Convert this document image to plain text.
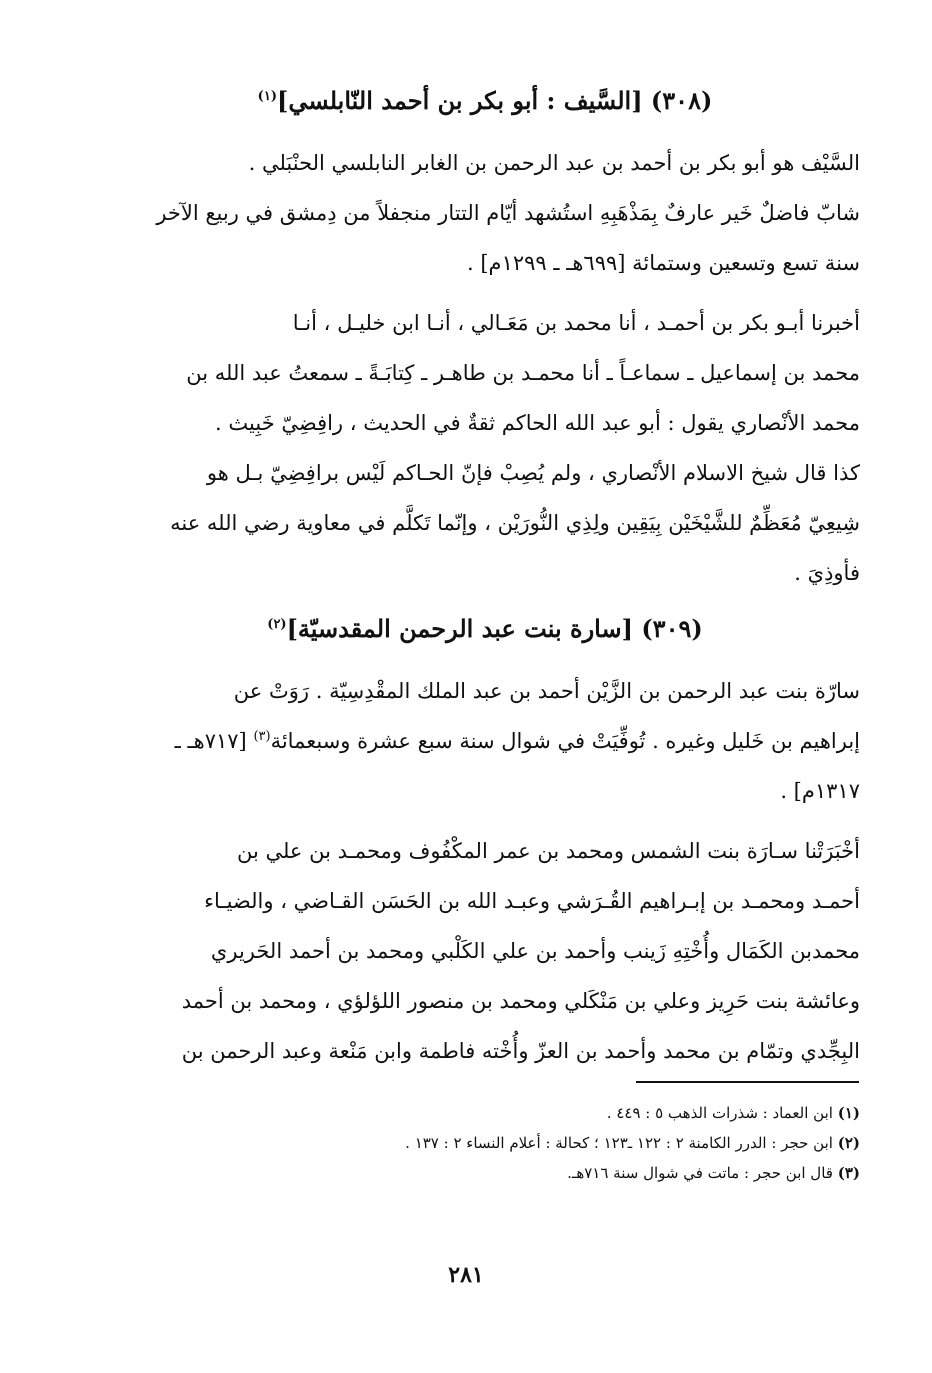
(٣٠٨) [السَّيف : أبو بكر بن أحمد النّابلسي]$^{(١)}$
السَّيْف هو أبو بكر بن أحمد بن عبد الرحمن بن الغابر النابلسي الحنْبَلي .
شابّ فاضلٌ خَير عارفٌ بِمَذْهَبِهِ استُشهد أيّام التتار منجفلاً من دِمشق في ربيع الآخر
سنة تسع وتسعين وستمائة [٦٩٩هـ ـ ١٢٩٩م] .
أخبرنا أبـو بكر بن أحمـد ، أنا محمد بن مَعَـالي ، أنـا ابن خليـل ، أنـا
محمد بن إسماعيل ـ سماعـاً ـ أنا محمـد بن طاهـر ـ كِتابَـةً ـ سمعتُ عبد الله بن
محمد الأنْصاري يقول : أبو عبد الله الحاكم ثقةٌ في الحديث ، رافِضِيّ خَبِيث .
كذا قال شيخ الاسلام الأنْصاري ، ولم يُصِبْ فإنّ الحـاكم لَيْس برافِضِيّ بـل هو
شِيعِيّ مُعَظِّمٌ للشَّيْخَيْن بِيَقِين ولِذِي النُّورَيْن ، وإنّما تَكلَّم في معاوية رضي الله عنه
فأوذِيَ .
(٣٠٩) [سارة بنت عبد الرحمن المقدسيّة]$^{(٢)}$
سارّة بنت عبد الرحمن بن الزَّيْن أحمد بن عبد الملك المقْدِسِيّة . رَوَتْ عن
إبراهيم بن خَليل وغيره . تُوفِّيَتْ في شوال سنة سبع عشرة وسبعمائة$^{(٣)}$ [٧١٧هـ ـ
١٣١٧م] .
أخْبَرَتْنا سـارَة بنت الشمس ومحمد بن عمر المكْفُوف ومحمـد بن علي بن
أحمـد ومحمـد بن إبـراهيم القُـرَشي وعبـد الله بن الحَسَن القـاضي ، والضيـاء
محمدبن الكَمَال وأُخْتِهِ زَينب وأحمد بن علي الكَلْبي ومحمد بن أحمد الحَريري
وعائشة بنت حَرِيز وعلي بن مَنْكَلي ومحمد بن منصور اللؤلؤي ، ومحمد بن أحمد
البِجِّدي وتمّام بن محمد وأحمد بن العزّ وأُخْته فاطمة وابن مَنْعة وعبد الرحمن بن
(١) ابن العماد : شذرات الذهب ٥ : ٤٤٩ .
(٢) ابن حجر : الدرر الكامنة ٢ : ١٢٢ ـ١٢٣ ؛ كحالة : أعلام النساء ٢ : ١٣٧ .
(٣) قال ابن حجر : ماتت في شوال سنة ٧١٦هـ.
٢٨١
